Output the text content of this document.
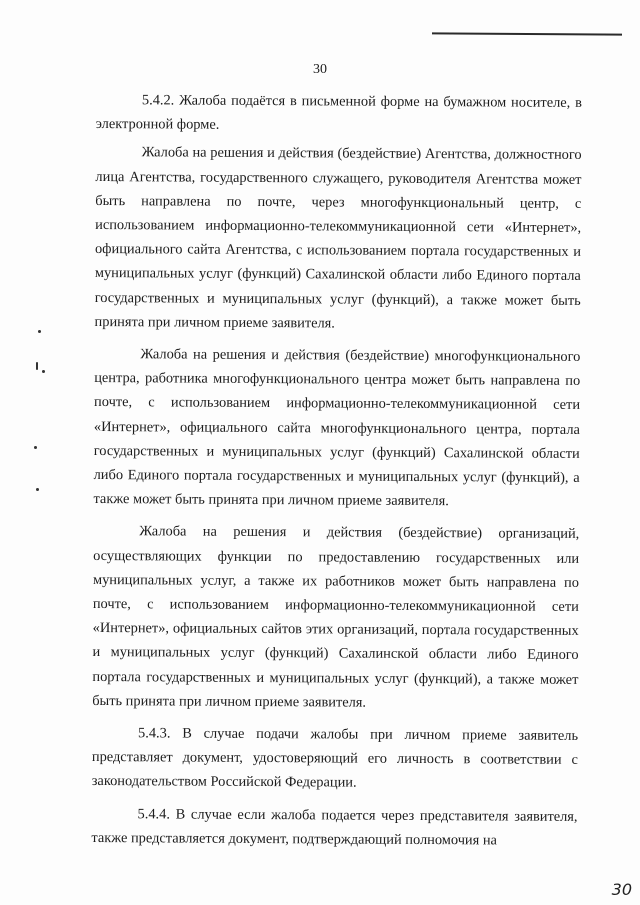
30

5.4.2. Жалоба подаётся в письменной форме на бумажном носителе, в электронной форме.

Жалоба на решения и действия (бездействие) Агентства, должностного лица Агентства, государственного служащего, руководителя Агентства может быть направлена по почте, через многофункциональный центр, с использованием информационно-телекоммуникационной сети «Интернет», официального сайта Агентства, с использованием портала государственных и муниципальных услуг (функций) Сахалинской области либо Единого портала государственных и муниципальных услуг (функций), а также может быть принята при личном приеме заявителя.

Жалоба на решения и действия (бездействие) многофункционального центра, работника многофункционального центра может быть направлена по почте, с использованием информационно-телекоммуникационной сети «Интернет», официального сайта многофункционального центра, портала государственных и муниципальных услуг (функций) Сахалинской области либо Единого портала государственных и муниципальных услуг (функций), а также может быть принята при личном приеме заявителя.

Жалоба на решения и действия (бездействие) организаций, осуществляющих функции по предоставлению государственных или муниципальных услуг, а также их работников может быть направлена по почте, с использованием информационно-телекоммуникационной сети «Интернет», официальных сайтов этих организаций, портала государственных и муниципальных услуг (функций) Сахалинской области либо Единого портала государственных и муниципальных услуг (функций), а также может быть принята при личном приеме заявителя.

5.4.3. В случае подачи жалобы при личном приеме заявитель представляет документ, удостоверяющий его личность в соответствии с законодательством Российской Федерации.

5.4.4. В случае если жалоба подается через представителя заявителя, также представляется документ, подтверждающий полномочия на

30
